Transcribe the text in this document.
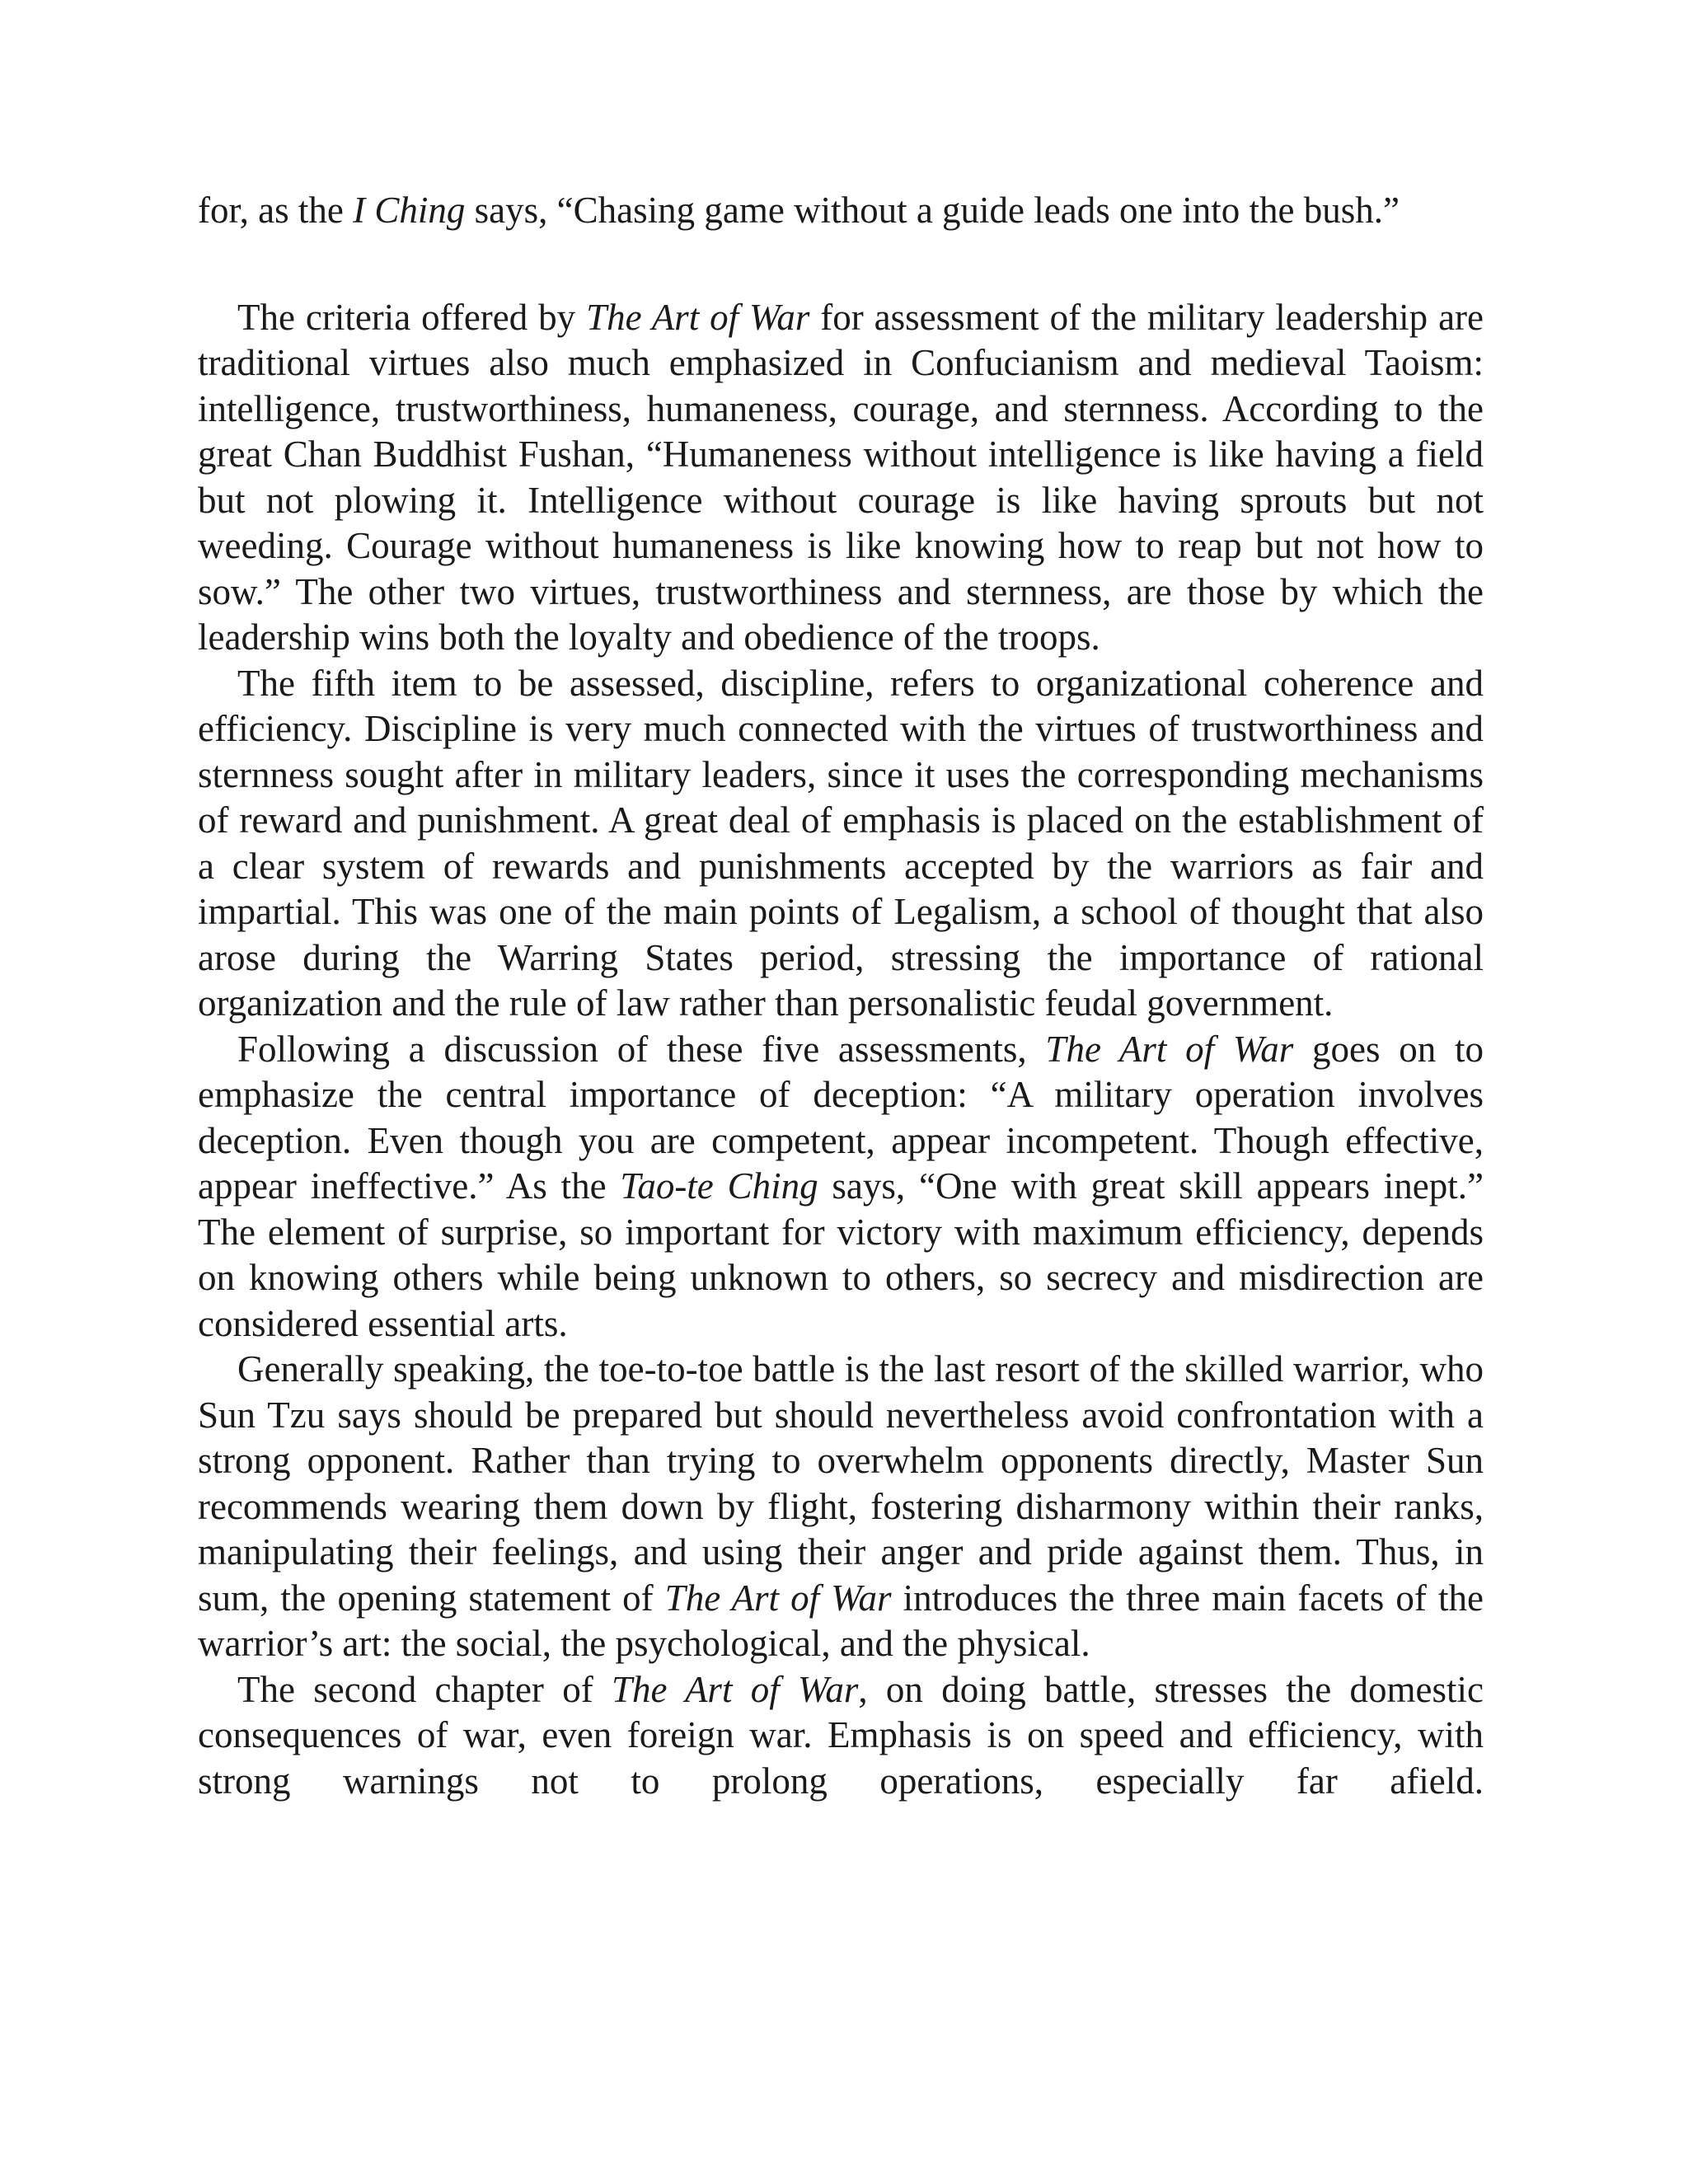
for, as the I Ching says, “Chasing game without a guide leads one into the bush.”

The criteria offered by The Art of War for assessment of the military leadership are traditional virtues also much emphasized in Confucianism and medieval Taoism: intelligence, trustworthiness, humaneness, courage, and sternness. According to the great Chan Buddhist Fushan, “Humaneness without intelligence is like having a field but not plowing it. Intelligence without courage is like having sprouts but not weeding. Courage without humaneness is like knowing how to reap but not how to sow.” The other two virtues, trustworthiness and sternness, are those by which the leadership wins both the loyalty and obedience of the troops.

The fifth item to be assessed, discipline, refers to organizational coherence and efficiency. Discipline is very much connected with the virtues of trustworthiness and sternness sought after in military leaders, since it uses the corresponding mechanisms of reward and punishment. A great deal of emphasis is placed on the establishment of a clear system of rewards and punishments accepted by the warriors as fair and impartial. This was one of the main points of Legalism, a school of thought that also arose during the Warring States period, stressing the importance of rational organization and the rule of law rather than personalistic feudal government.

Following a discussion of these five assessments, The Art of War goes on to emphasize the central importance of deception: “A military operation involves deception. Even though you are competent, appear incompetent. Though effective, appear ineffective.” As the Tao-te Ching says, “One with great skill appears inept.” The element of surprise, so important for victory with maximum efficiency, depends on knowing others while being unknown to others, so secrecy and misdirection are considered essential arts.

Generally speaking, the toe-to-toe battle is the last resort of the skilled warrior, who Sun Tzu says should be prepared but should nevertheless avoid confrontation with a strong opponent. Rather than trying to overwhelm opponents directly, Master Sun recommends wearing them down by flight, fostering disharmony within their ranks, manipulating their feelings, and using their anger and pride against them. Thus, in sum, the opening statement of The Art of War introduces the three main facets of the warrior’s art: the social, the psychological, and the physical.

The second chapter of The Art of War, on doing battle, stresses the domestic consequences of war, even foreign war. Emphasis is on speed and efficiency, with strong warnings not to prolong operations, especially far afield.
